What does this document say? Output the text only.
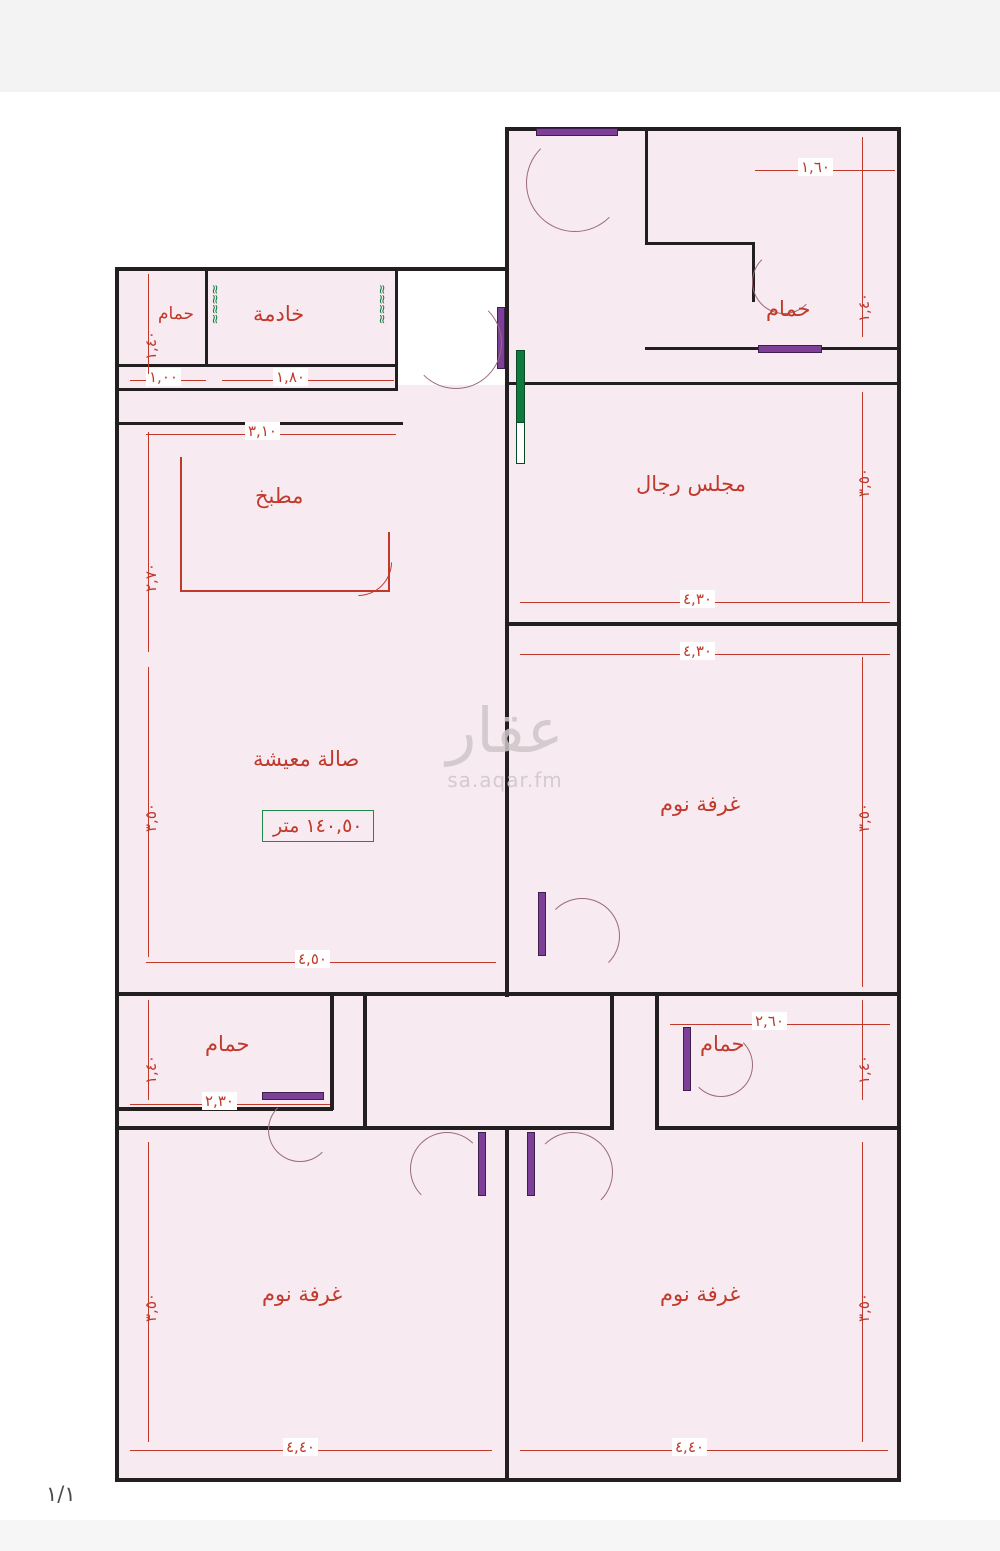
≈≈≈≈	≈≈≈≈
مجلس رجال
غرفة نوم
غرفة نوم	غرفة نوم
صالة معيشة
مطبخ
خادمة
حمام	حمام
حمام	حمام
١٤٠,٥٠ متر
عقار
sa.aqar.fm
١,٦٠
١,٠٠	١,٨٠
٣,١٠
٤,٣٠
٤,٣٠
٤,٥٠
٢,٣٠
٢,٦٠
٤,٤٠	٤,٤٠
١,٤٠
١,٤٠
٢,٧٠
٣,٥٠
٣,٥٠
٣,٥٠
١,٤٠	١,٤٠
٣,٥٠	٣,٥٠
١/١
